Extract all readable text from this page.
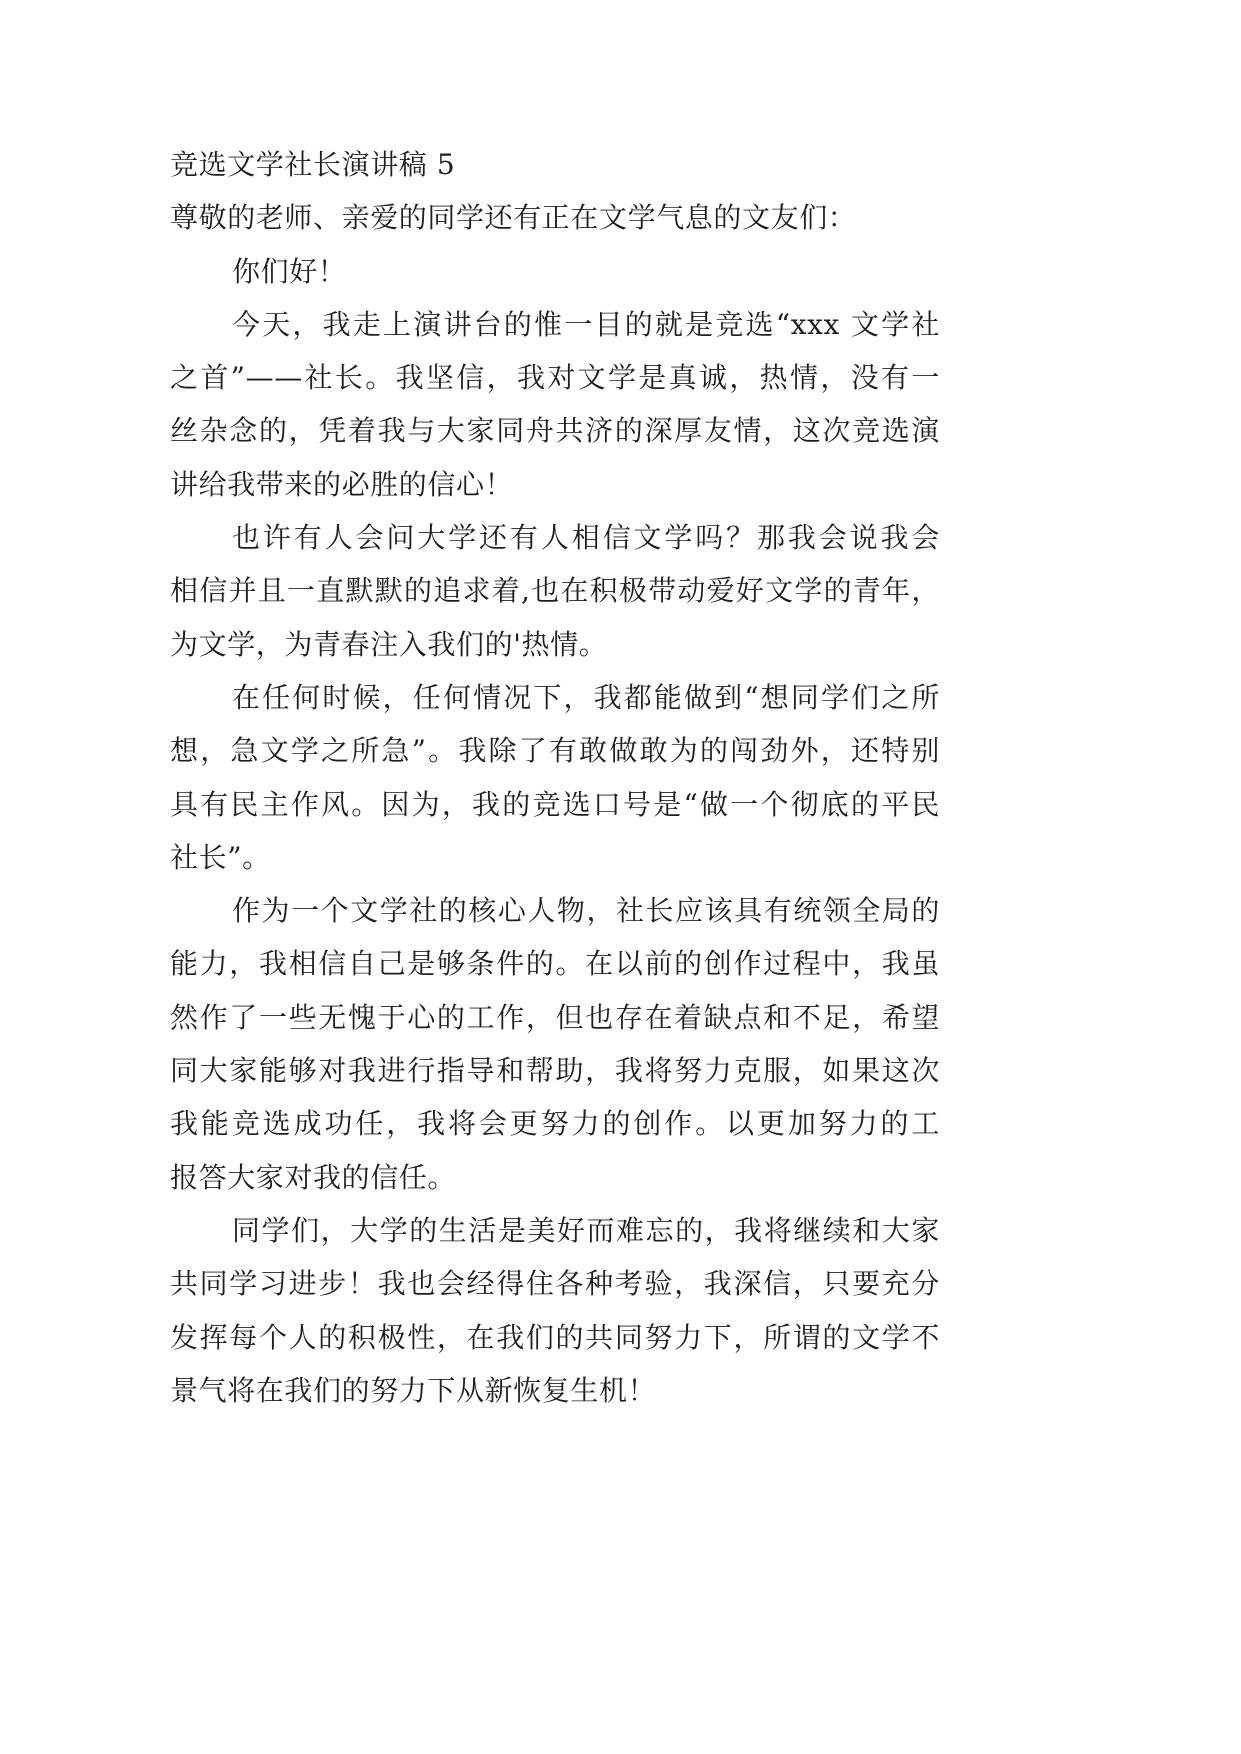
竞选文学社长演讲稿 5
尊敬的老师、亲爱的同学还有正在文学气息的文友们：
你们好！
今天，我走上演讲台的惟一目的就是竞选“xxx 文学社
之首”——社长。我坚信，我对文学是真诚，热情，没有一
丝杂念的，凭着我与大家同舟共济的深厚友情，这次竞选演
讲给我带来的必胜的信心！
也许有人会问大学还有人相信文学吗？那我会说我会
相信并且一直默默的追求着,也在积极带动爱好文学的青年，
为文学，为青春注入我们的'热情。
在任何时候，任何情况下，我都能做到“想同学们之所
想，急文学之所急”。我除了有敢做敢为的闯劲外，还特别
具有民主作风。因为，我的竞选口号是“做一个彻底的平民
社长”。
作为一个文学社的核心人物，社长应该具有统领全局的
能力，我相信自己是够条件的。在以前的创作过程中，我虽
然作了一些无愧于心的工作，但也存在着缺点和不足，希望
同大家能够对我进行指导和帮助，我将努力克服，如果这次
我能竞选成功任，我将会更努力的创作。以更加努力的工
报答大家对我的信任。
同学们，大学的生活是美好而难忘的，我将继续和大家
共同学习进步！我也会经得住各种考验，我深信，只要充分
发挥每个人的积极性，在我们的共同努力下，所谓的文学不
景气将在我们的努力下从新恢复生机！
